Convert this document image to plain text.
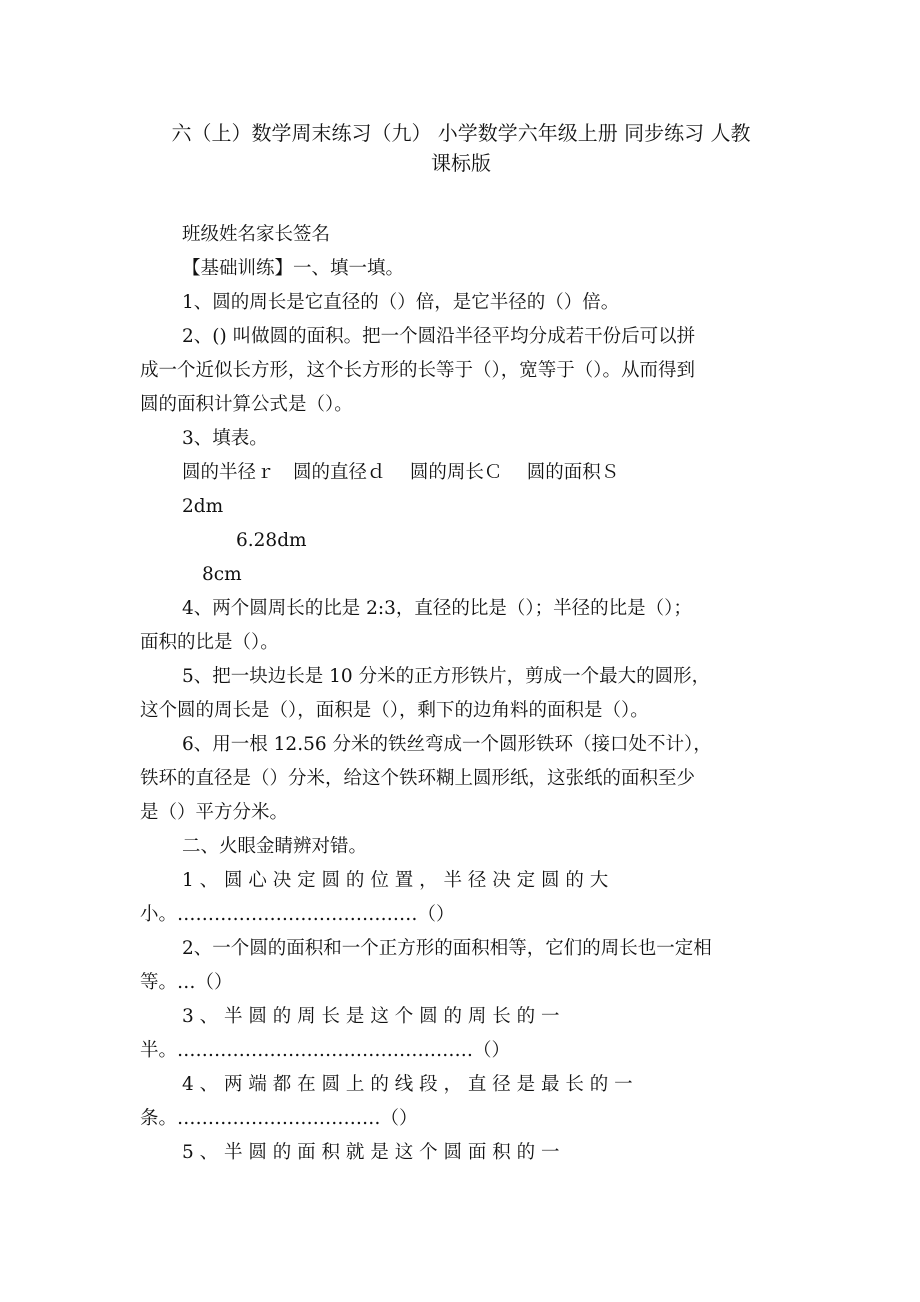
六（上）数学周末练习（九） 小学数学六年级上册 同步练习 人教
课标版
班级姓名家长签名
【基础训练】一、填一填。
1、圆的周长是它直径的（）倍，是它半径的（）倍。
2、() 叫做圆的面积。把一个圆沿半径平均分成若干份后可以拼
成一个近似长方形，这个长方形的长等于（），宽等于（）。从而得到
圆的面积计算公式是（）。
3、填表。
圆的半径ｒ　圆的直径ｄ　 圆的周长Ｃ　 圆的面积Ｓ
2dm
6.28dm
8cm
4、两个圆周长的比是 2:3，直径的比是（）；半径的比是（）；
面积的比是（）。
5、把一块边长是 10 分米的正方形铁片，剪成一个最大的圆形，
这个圆的周长是（），面积是（），剩下的边角料的面积是（）。
6、用一根 12.56 分米的铁丝弯成一个圆形铁环（接口处不计），
铁环的直径是（）分米，给这个铁环糊上圆形纸，这张纸的面积至少
是（）平方分米。
二、火眼金睛辨对错。
1 、 圆 心 决 定 圆 的 位 置 ， 半 径 决 定 圆 的 大
小。…………………………………（）
2、一个圆的面积和一个正方形的面积相等，它们的周长也一定相
等。…（）
3 、 半 圆 的 周 长 是 这 个 圆 的 周 长 的 一
半。…………………………………………（）
4 、 两 端 都 在 圆 上 的 线 段 ， 直 径 是 最 长 的 一
条。……………………………（）
5 、 半 圆 的 面 积 就 是 这 个 圆 面 积 的 一
